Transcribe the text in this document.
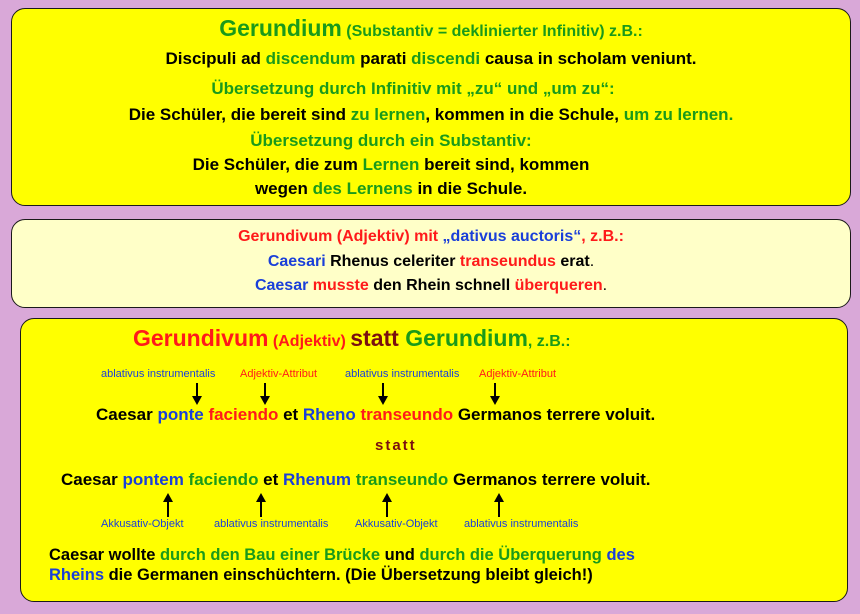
Gerundium (Substantiv = deklinierter Infinitiv) z.B.:
Discipuli ad discendum parati discendi causa in scholam veniunt.
Übersetzung durch Infinitiv mit „zu“ und „um zu“:
Die Schüler, die bereit sind zu lernen, kommen in die Schule, um zu lernen.
Übersetzung durch ein Substantiv:
Die Schüler, die zum Lernen bereit sind, kommen
wegen des Lernens in die Schule.
Gerundivum (Adjektiv) mit „dativus auctoris“, z.B.:
Caesari Rhenus celeriter transeundus erat.
Caesar musste den Rhein schnell überqueren.
Gerundivum (Adjektiv) statt Gerundium, z.B.:
ablativus instrumentalis Adjektiv-Attribut	ablativus instrumentalis Adjektiv-Attribut
Caesar ponte faciendo et Rheno transeundo Germanos terrere voluit.
statt
Caesar pontem faciendo et Rhenum transeundo Germanos terrere voluit.
Akkusativ-Objekt	ablativus instrumentalis Akkusativ-Objekt ablativus instrumentalis
Caesar wollte durch den Bau einer Brücke und durch die Überquerung des
Rheins die Germanen einschüchtern. (Die Übersetzung bleibt gleich!)
